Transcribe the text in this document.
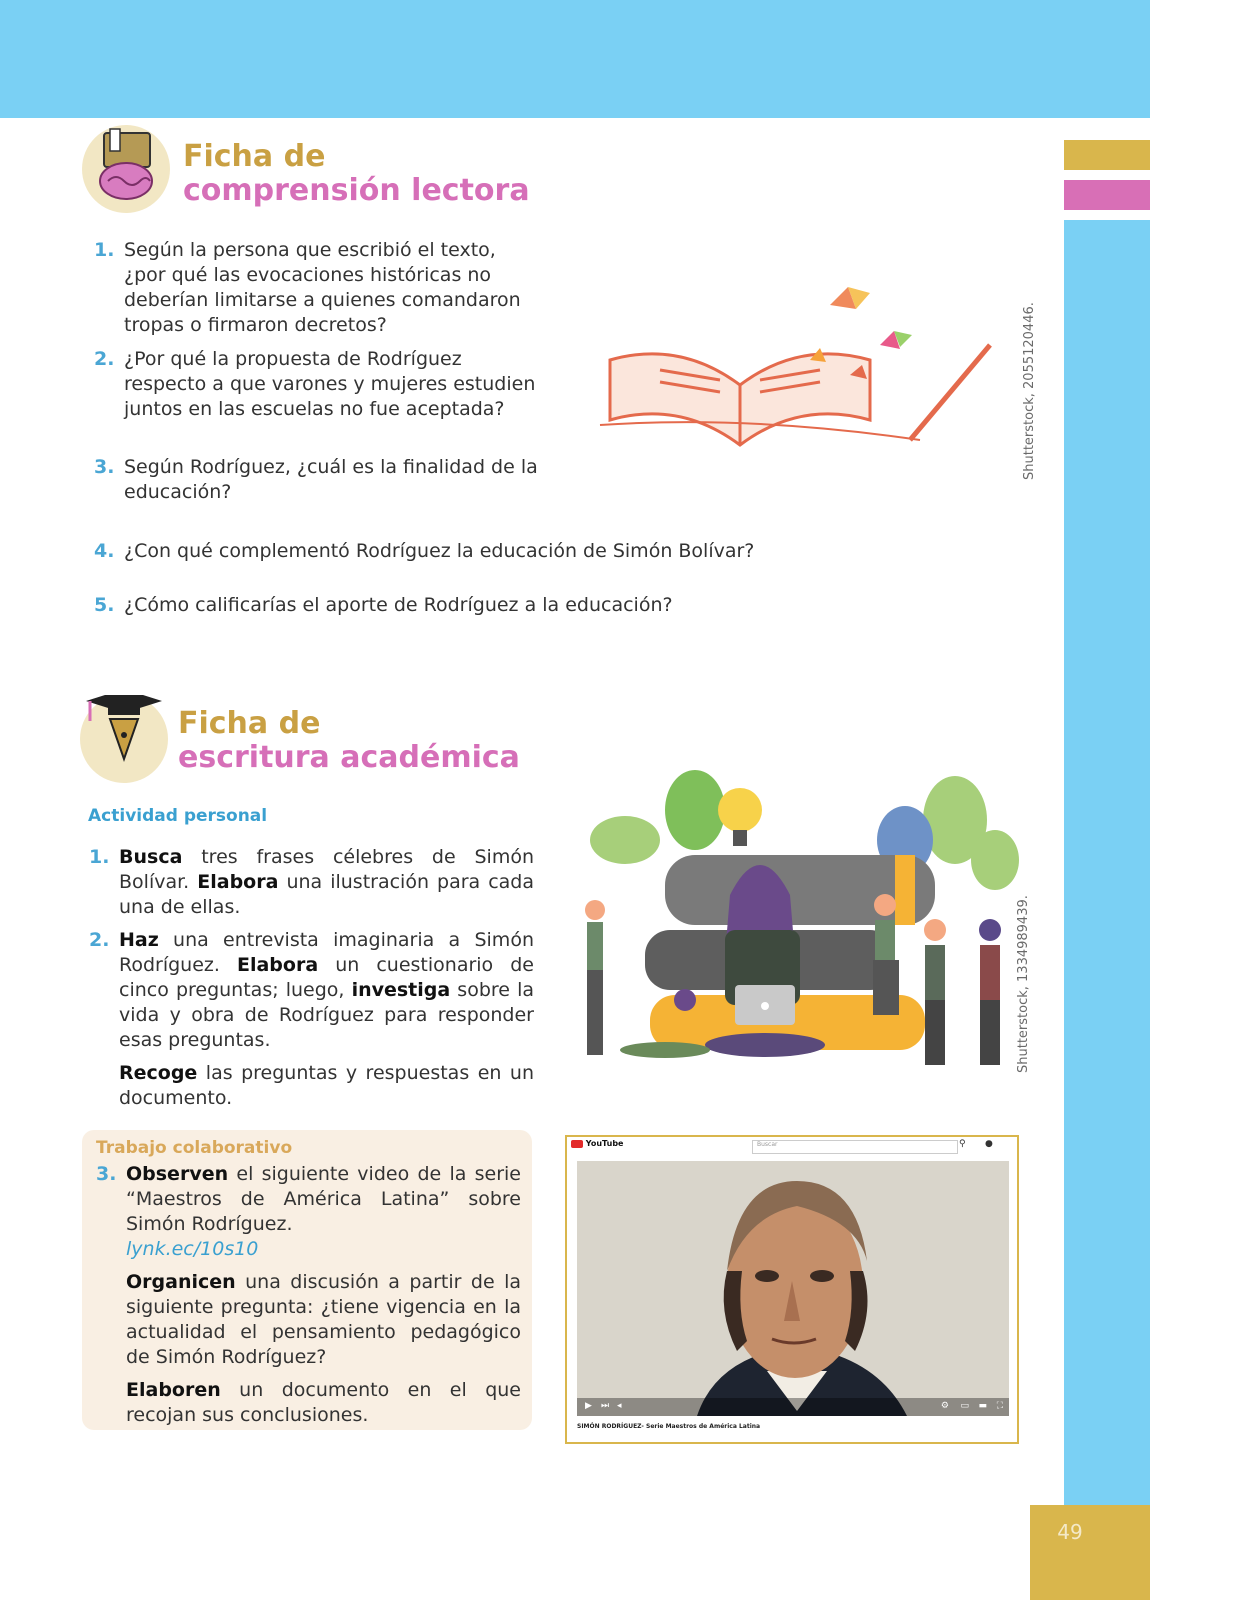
49
Ficha de
comprensión lectora
1. Según la persona que escribió el texto, ¿por qué las evocaciones históricas no deberían limitarse a quienes comandaron tropas o firmaron decretos?
2. ¿Por qué la propuesta de Rodríguez respecto a que varones y mujeres estudien juntos en las escuelas no fue aceptada?
3. Según Rodríguez, ¿cuál es la finalidad de la educación?
4. ¿Con qué complementó Rodríguez la educación de Simón Bolívar?
5. ¿Cómo calificarías el aporte de Rodríguez a la educación?
Shutterstock, 2055120446.
Ficha de
escritura académica
Actividad personal
1. Busca tres frases célebres de Simón Bolívar. Elabora una ilustración para cada una de ellas.
2. Haz una entrevista imaginaria a Simón Rodríguez. Elabora un cuestionario de cinco preguntas; luego, investiga sobre la vida y obra de Rodríguez para responder esas preguntas.
Recoge las preguntas y respuestas en un documento.
Shutterstock, 1334989439.
Trabajo colaborativo
3. Observen el siguiente video de la serie “Maestros de América Latina” sobre Simón Rodríguez.
lynk.ec/10s10
Organicen una discusión a partir de la siguiente pregunta: ¿tiene vigencia en la actualidad el pensamiento pedagógico de Simón Rodríguez?
Elaboren un documento en el que recojan sus conclusiones.
YouTube	Buscar	⚲ ●
▶ ⏭ ◂	⚙ ▭ ▬ ⛶
SIMÓN RODRÍGUEZ- Serie Maestros de América Latina
